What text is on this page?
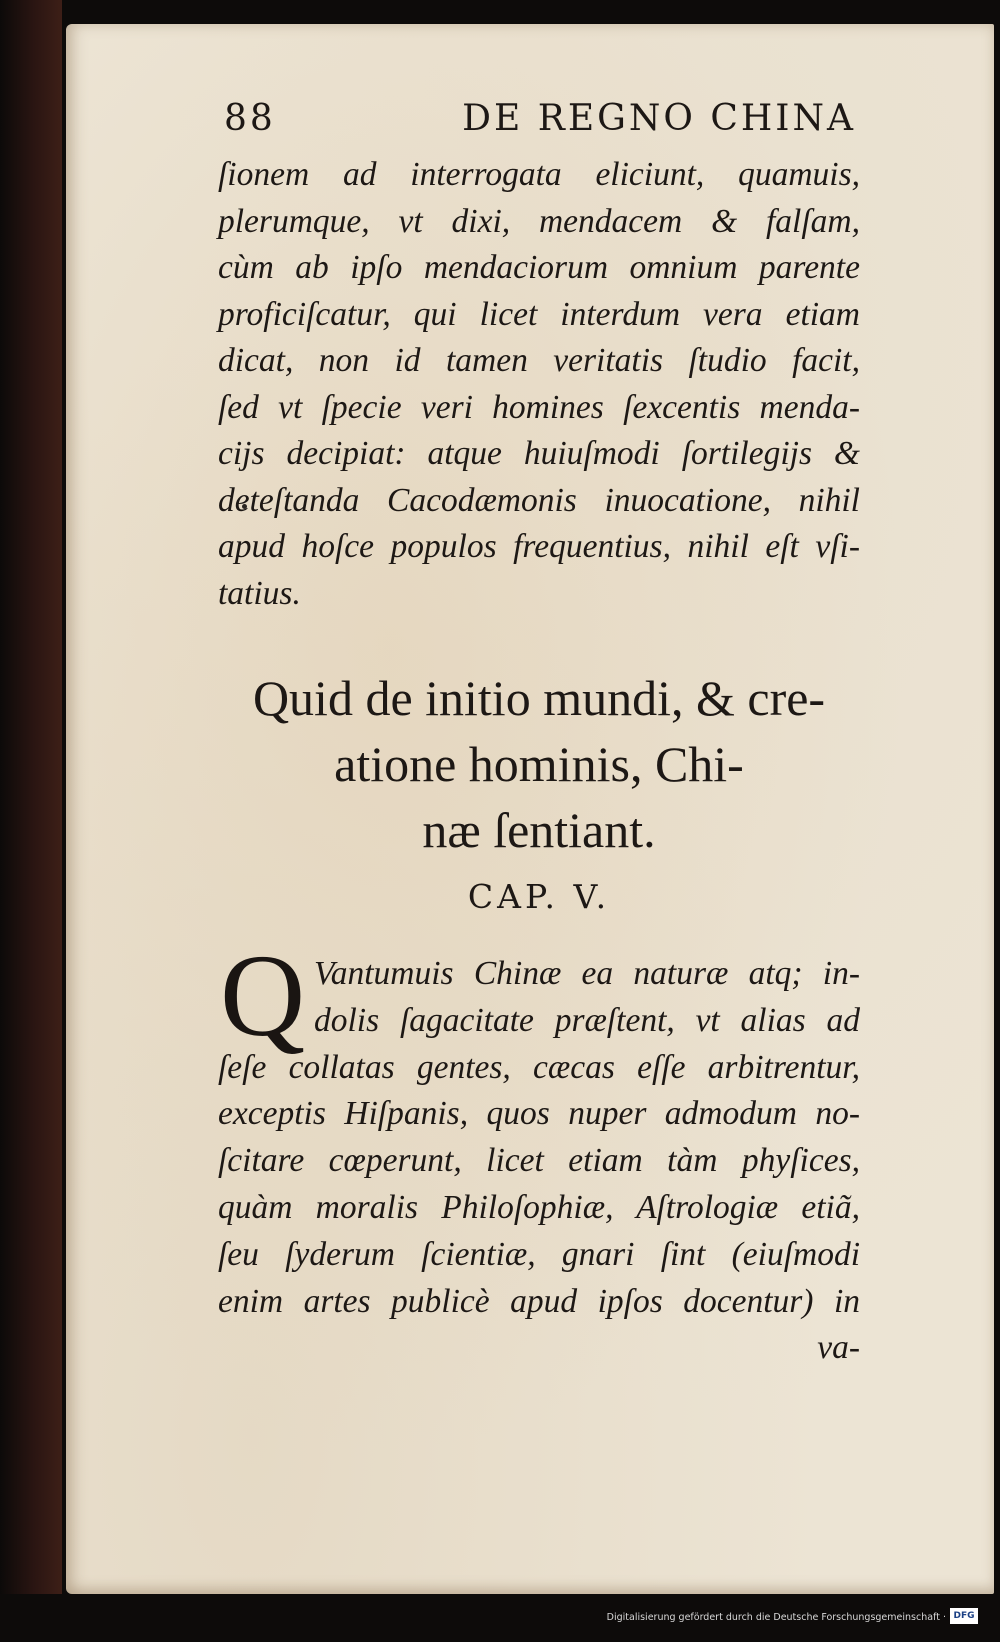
88	DE REGNO CHINA
ſionem ad interrogata eliciunt, quamuis,
plerumque, vt dixi, mendacem & falſam,
cùm ab ipſo mendaciorum omnium parente
proficiſcatur, qui licet interdum vera etiam
dicat, non id tamen veritatis ſtudio facit,
ſed vt ſpecie veri homines ſexcentis menda-
cijs decipiat: atque huiuſmodi ſortilegijs &
deteſtanda Cacodæmonis inuocatione, nihil
apud hoſce populos frequentius, nihil eſt vſi-
tatius.
Quid de initio mundi, & cre-
atione hominis, Chi-
næ ſentiant.
CAP. V.
Q Vantumuis Chinæ ea naturæ atq; in-
dolis ſagacitate præſtent, vt alias ad
ſeſe collatas gentes, cæcas eſſe arbitrentur,
exceptis Hiſpanis, quos nuper admodum no-
ſcitare cœperunt, licet etiam tàm phyſices,
quàm moralis Philoſophiæ, Aſtrologiæ etiã,
ſeu ſyderum ſcientiæ, gnari ſint (eiuſmodi
enim artes publicè apud ipſos docentur) in
va-
Digitalisierung gefördert durch die Deutsche Forschungsgemeinschaft · DFG
